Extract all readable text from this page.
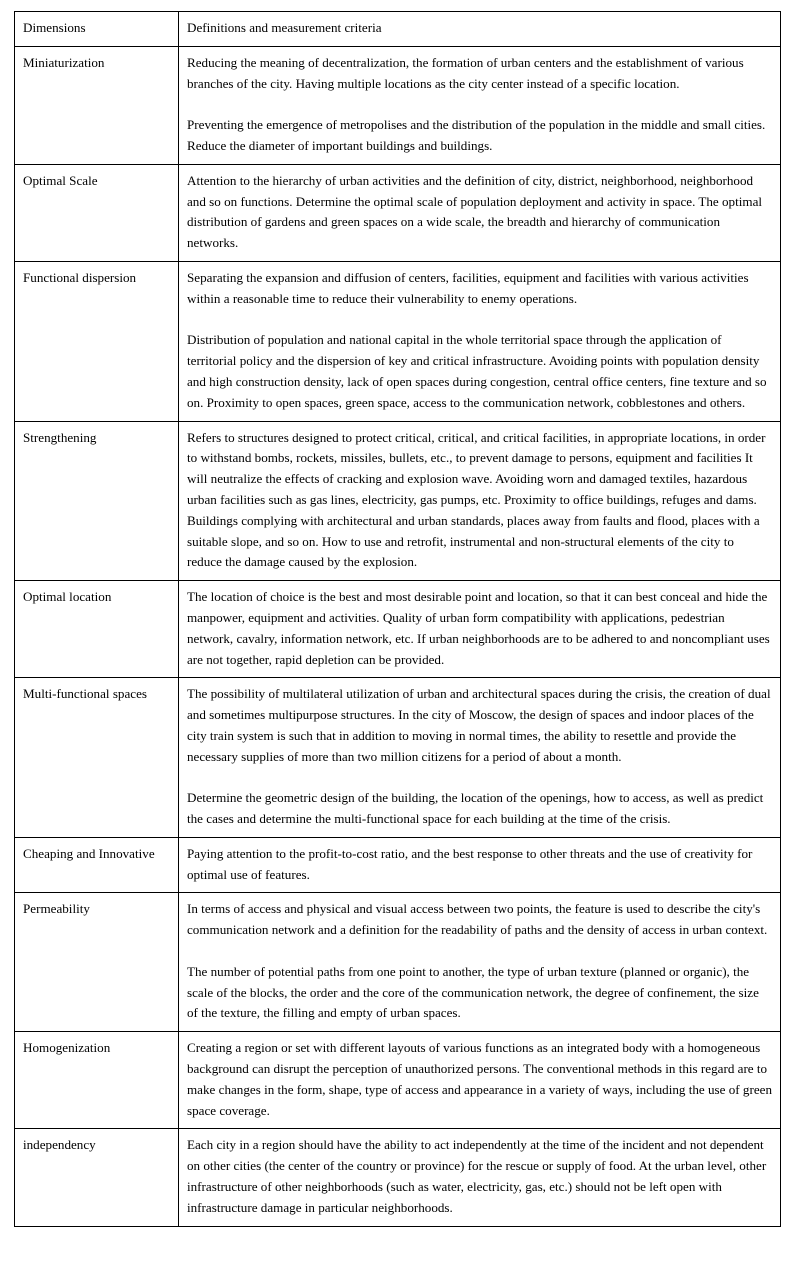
Dimensions	Definitions and measurement criteria
Miniaturization	Reducing the meaning of decentralization, the formation of urban centers and the establishment of various branches of the city. Having multiple locations as the city center instead of a specific location.

Preventing the emergence of metropolises and the distribution of the population in the middle and small cities. Reduce the diameter of important buildings and buildings.

Optimal Scale	Attention to the hierarchy of urban activities and the definition of city, district, neighborhood, neighborhood and so on functions. Determine the optimal scale of population deployment and activity in space. The optimal distribution of gardens and green spaces on a wide scale, the breadth and hierarchy of communication networks.

Functional dispersion	Separating the expansion and diffusion of centers, facilities, equipment and facilities with various activities within a reasonable time to reduce their vulnerability to enemy operations.

Distribution of population and national capital in the whole territorial space through the application of territorial policy and the dispersion of key and critical infrastructure. Avoiding points with population density and high construction density, lack of open spaces during congestion, central office centers, fine texture and so on. Proximity to open spaces, green space, access to the communication network, cobblestones and others.

Strengthening	Refers to structures designed to protect critical, critical, and critical facilities, in appropriate locations, in order to withstand bombs, rockets, missiles, bullets, etc., to prevent damage to persons, equipment and facilities It will neutralize the effects of cracking and explosion wave. Avoiding worn and damaged textiles, hazardous urban facilities such as gas lines, electricity, gas pumps, etc. Proximity to office buildings, refuges and dams. Buildings complying with architectural and urban standards, places away from faults and flood, places with a suitable slope, and so on. How to use and retrofit, instrumental and non-structural elements of the city to reduce the damage caused by the explosion.

Optimal location	The location of choice is the best and most desirable point and location, so that it can best conceal and hide the manpower, equipment and activities. Quality of urban form compatibility with applications, pedestrian network, cavalry, information network, etc. If urban neighborhoods are to be adhered to and noncompliant uses are not together, rapid depletion can be provided.

Multi-functional spaces	The possibility of multilateral utilization of urban and architectural spaces during the crisis, the creation of dual and sometimes multipurpose structures. In the city of Moscow, the design of spaces and indoor places of the city train system is such that in addition to moving in normal times, the ability to resettle and provide the necessary supplies of more than two million citizens for a period of about a month.

Determine the geometric design of the building, the location of the openings, how to access, as well as predict the cases and determine the multi-functional space for each building at the time of the crisis.

Cheaping and Innovative	Paying attention to the profit-to-cost ratio, and the best response to other threats and the use of creativity for optimal use of features.

Permeability	In terms of access and physical and visual access between two points, the feature is used to describe the city's communication network and a definition for the readability of paths and the density of access in urban context.

The number of potential paths from one point to another, the type of urban texture (planned or organic), the scale of the blocks, the order and the core of the communication network, the degree of confinement, the size of the texture, the filling and empty of urban spaces.

Homogenization	Creating a region or set with different layouts of various functions as an integrated body with a homogeneous background can disrupt the perception of unauthorized persons. The conventional methods in this regard are to make changes in the form, shape, type of access and appearance in a variety of ways, including the use of green space coverage.

independency	Each city in a region should have the ability to act independently at the time of the incident and not dependent on other cities (the center of the country or province) for the rescue or supply of food. At the urban level, other infrastructure of other neighborhoods (such as water, electricity, gas, etc.) should not be left open with infrastructure damage in particular neighborhoods.
